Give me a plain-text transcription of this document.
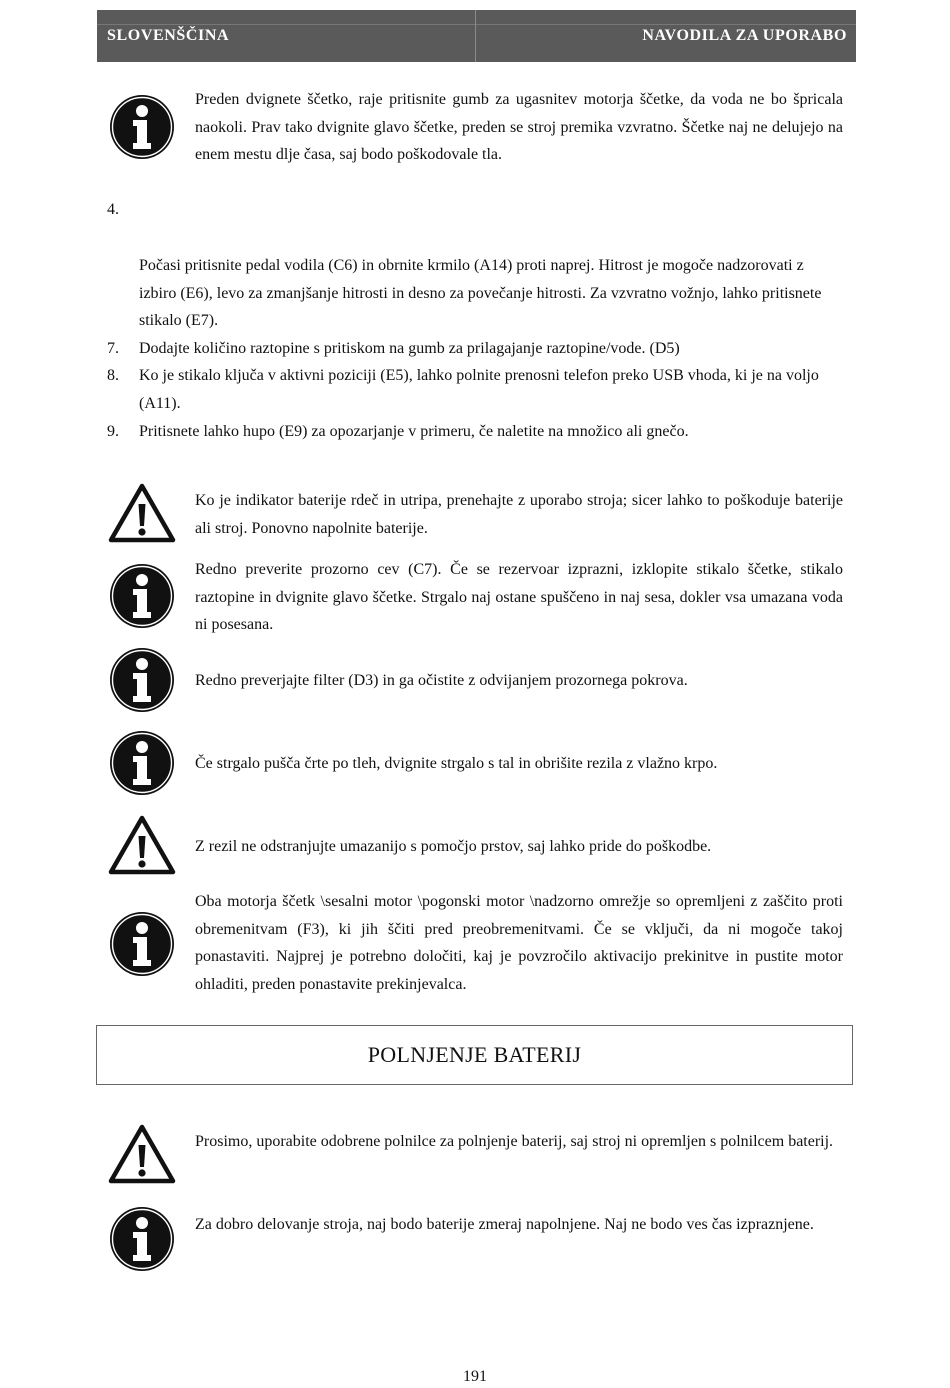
SLOVENŠČINA	NAVODILA ZA UPORABO
Preden dvignete ščetko, raje pritisnite gumb za ugasnitev motorja ščetke, da voda ne bo špricala naokoli. Prav tako dvignite glavo ščetke, preden se stroj premika vzvratno. Ščetke naj ne delujejo na enem mestu dlje časa, saj bodo poškodovale tla.
4.
Počasi pritisnite pedal vodila (C6) in obrnite krmilo (A14) proti naprej. Hitrost je mogoče nadzorovati z izbiro (E6), levo za zmanjšanje hitrosti in desno za povečanje hitrosti. Za vzvratno vožnjo, lahko pritisnete stikalo (E7).
7. Dodajte količino raztopine s pritiskom na gumb za prilagajanje raztopine/vode. (D5)
8. Ko je stikalo ključa v aktivni poziciji (E5), lahko polnite prenosni telefon preko USB vhoda, ki je na voljo (A11).
9. Pritisnete lahko hupo (E9) za opozarjanje v primeru, če naletite na množico ali gnečo.
Ko je indikator baterije rdeč in utripa, prenehajte z uporabo stroja; sicer lahko to poškoduje baterije ali stroj. Ponovno napolnite baterije.
Redno preverite prozorno cev (C7). Če se rezervoar izprazni, izklopite stikalo ščetke, stikalo raztopine in dvignite glavo ščetke. Strgalo naj ostane spuščeno in naj sesa, dokler vsa umazana voda ni posesana.
Redno preverjajte filter (D3) in ga očistite z odvijanjem prozornega pokrova.
Če strgalo pušča črte po tleh, dvignite strgalo s tal in obrišite rezila z vlažno krpo.
Z rezil ne odstranjujte umazanijo s pomočjo prstov, saj lahko pride do poškodbe.
Oba motorja ščetk \sesalni motor \pogonski motor \nadzorno omrežje so opremljeni z zaščito proti obremenitvam (F3), ki jih ščiti pred preobremenitvami. Če se vključi, da ni mogoče takoj ponastaviti. Najprej je potrebno določiti, kaj je povzročilo aktivacijo prekinitve in pustite motor ohladiti, preden ponastavite prekinjevalca.
POLNJENJE BATERIJ
Prosimo, uporabite odobrene polnilce za polnjenje baterij, saj stroj ni opremljen s polnilcem baterij.
Za dobro delovanje stroja, naj bodo baterije zmeraj napolnjene. Naj ne bodo ves čas izpraznjene.
191
